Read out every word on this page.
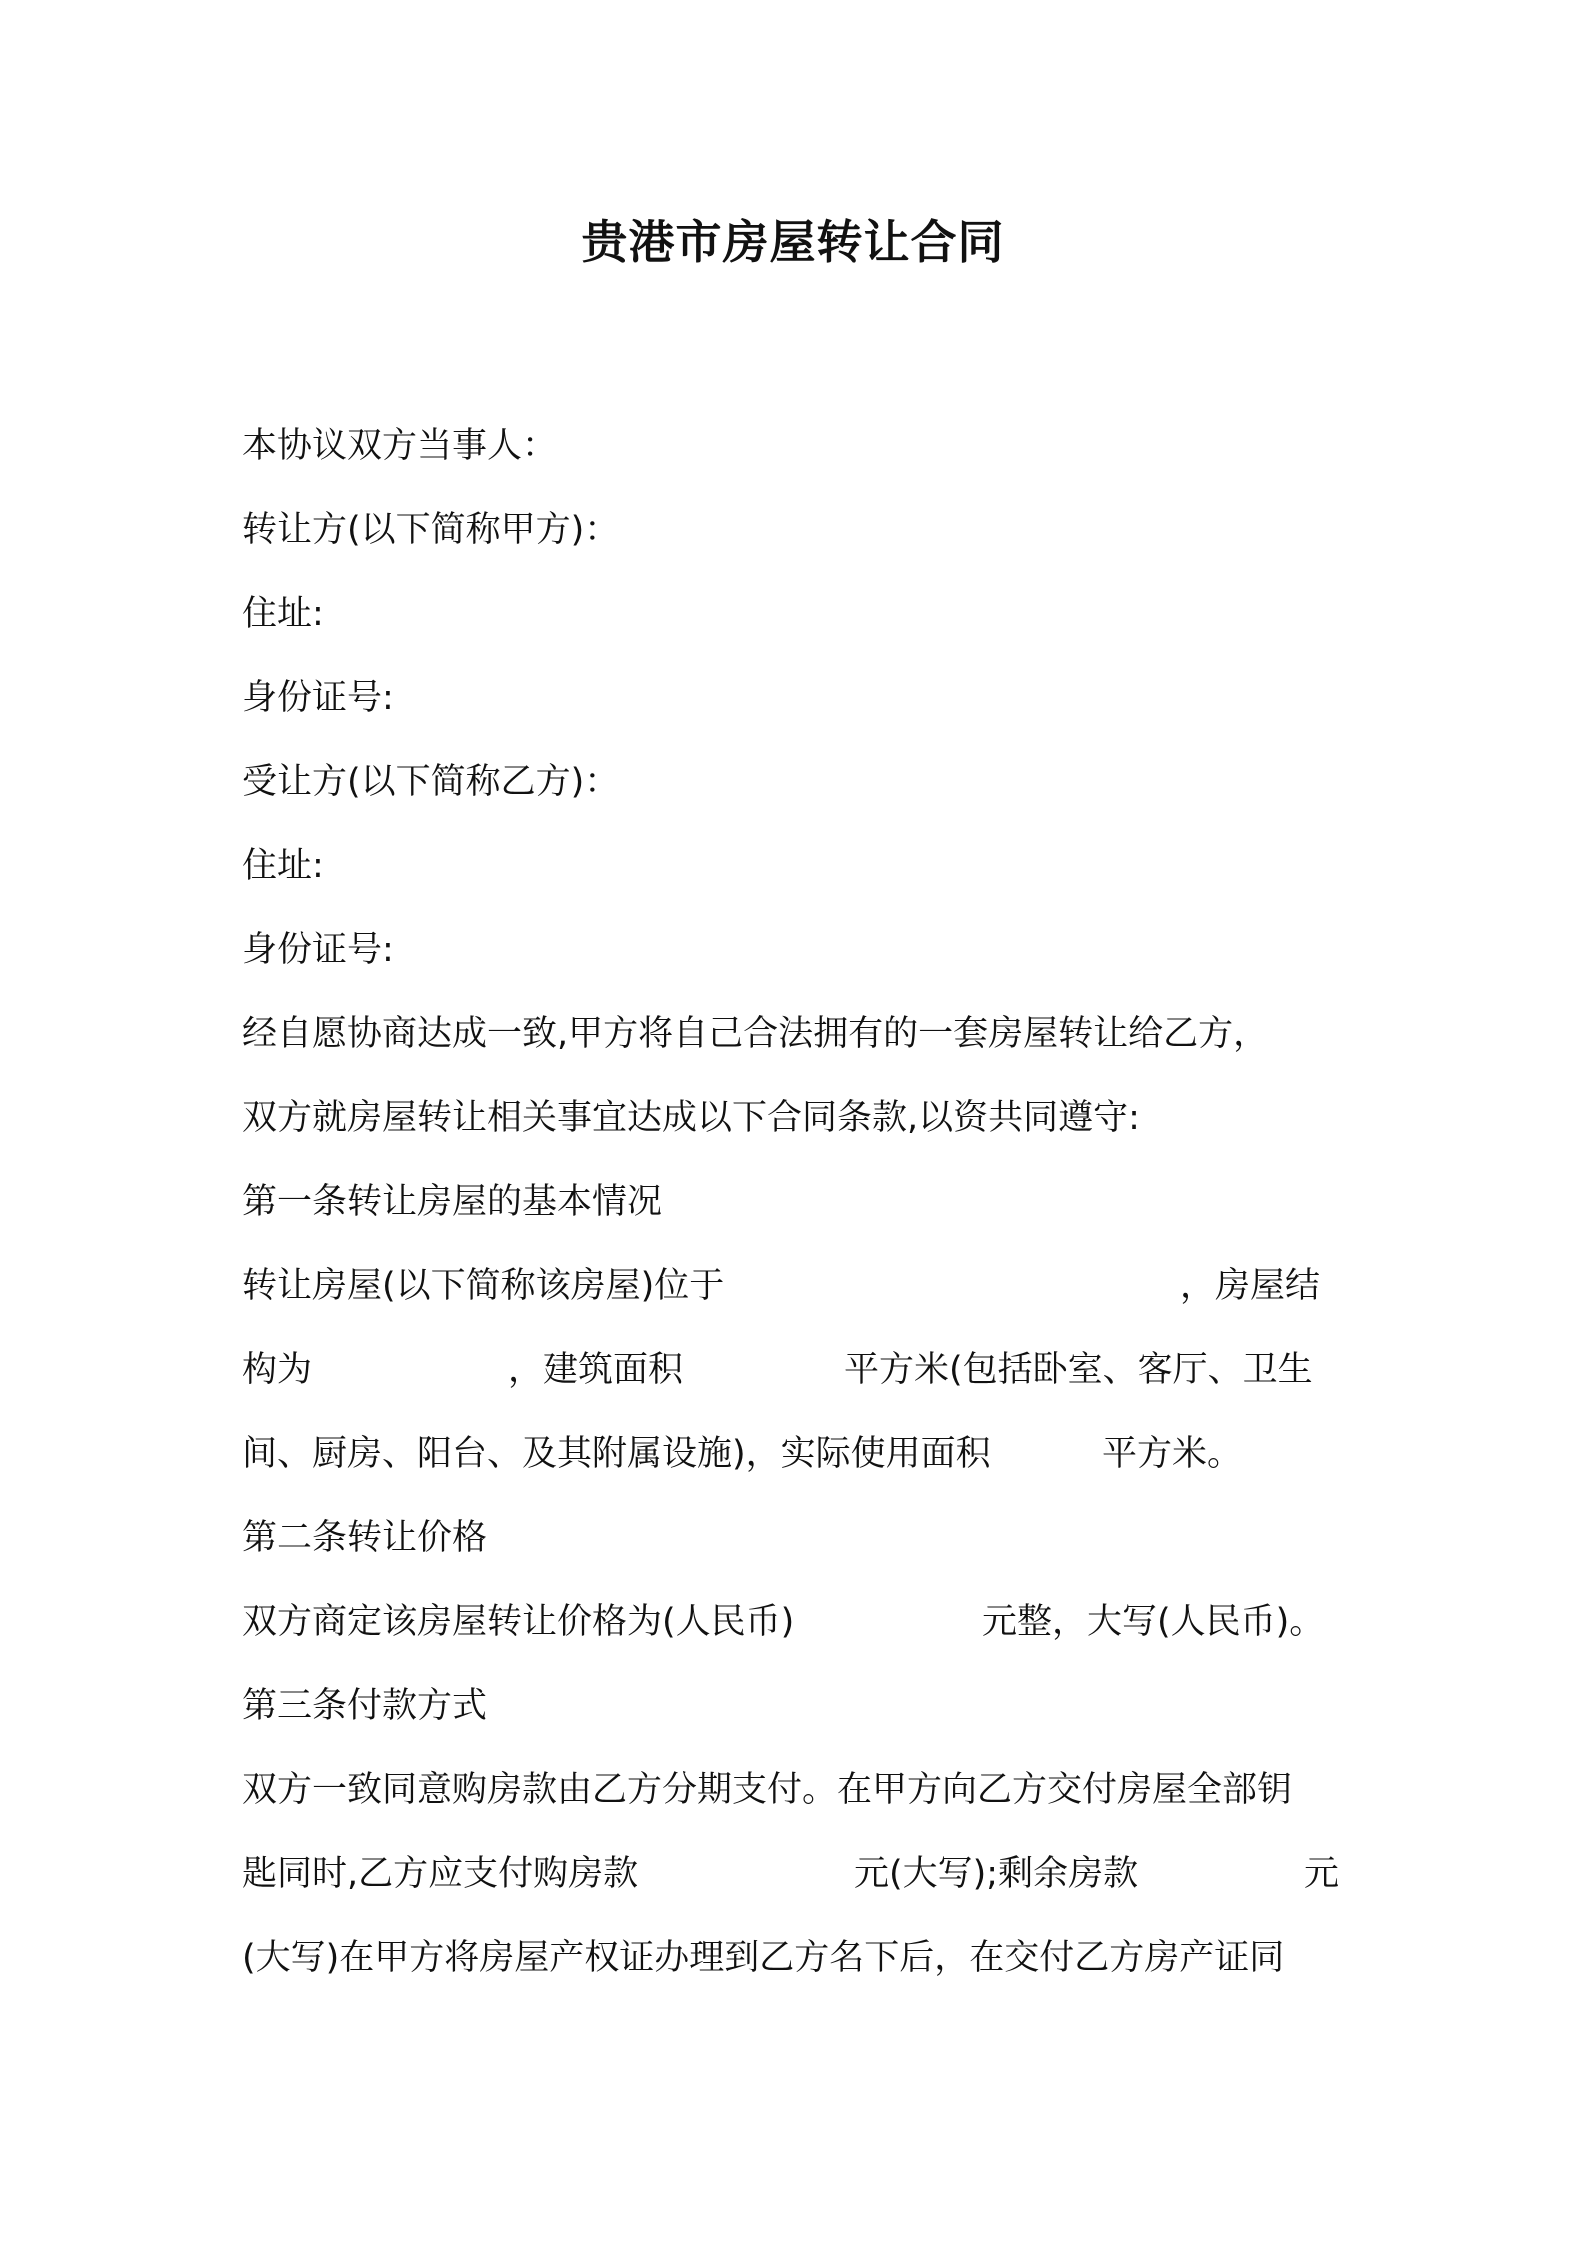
贵港市房屋转让合同
本协议双方当事人：
转让方(以下简称甲方)：
住址:
身份证号:
受让方(以下简称乙方)：
住址:
身份证号:
经自愿协商达成一致,甲方将自己合法拥有的一套房屋转让给乙方，
双方就房屋转让相关事宜达成以下合同条款,以资共同遵守:
第一条转让房屋的基本情况
转让房屋(以下简称该房屋)位于	，房屋结
构为	，建筑面积	平方米(包括卧室、客厅、卫生
间、厨房、阳台、及其附属设施)，实际使用面积	平方米。
第二条转让价格
双方商定该房屋转让价格为(人民币)	元整，大写(人民币)。
第三条付款方式
双方一致同意购房款由乙方分期支付。在甲方向乙方交付房屋全部钥
匙同时,乙方应支付购房款	元(大写);剩余房款	元
(大写)在甲方将房屋产权证办理到乙方名下后，在交付乙方房产证同
